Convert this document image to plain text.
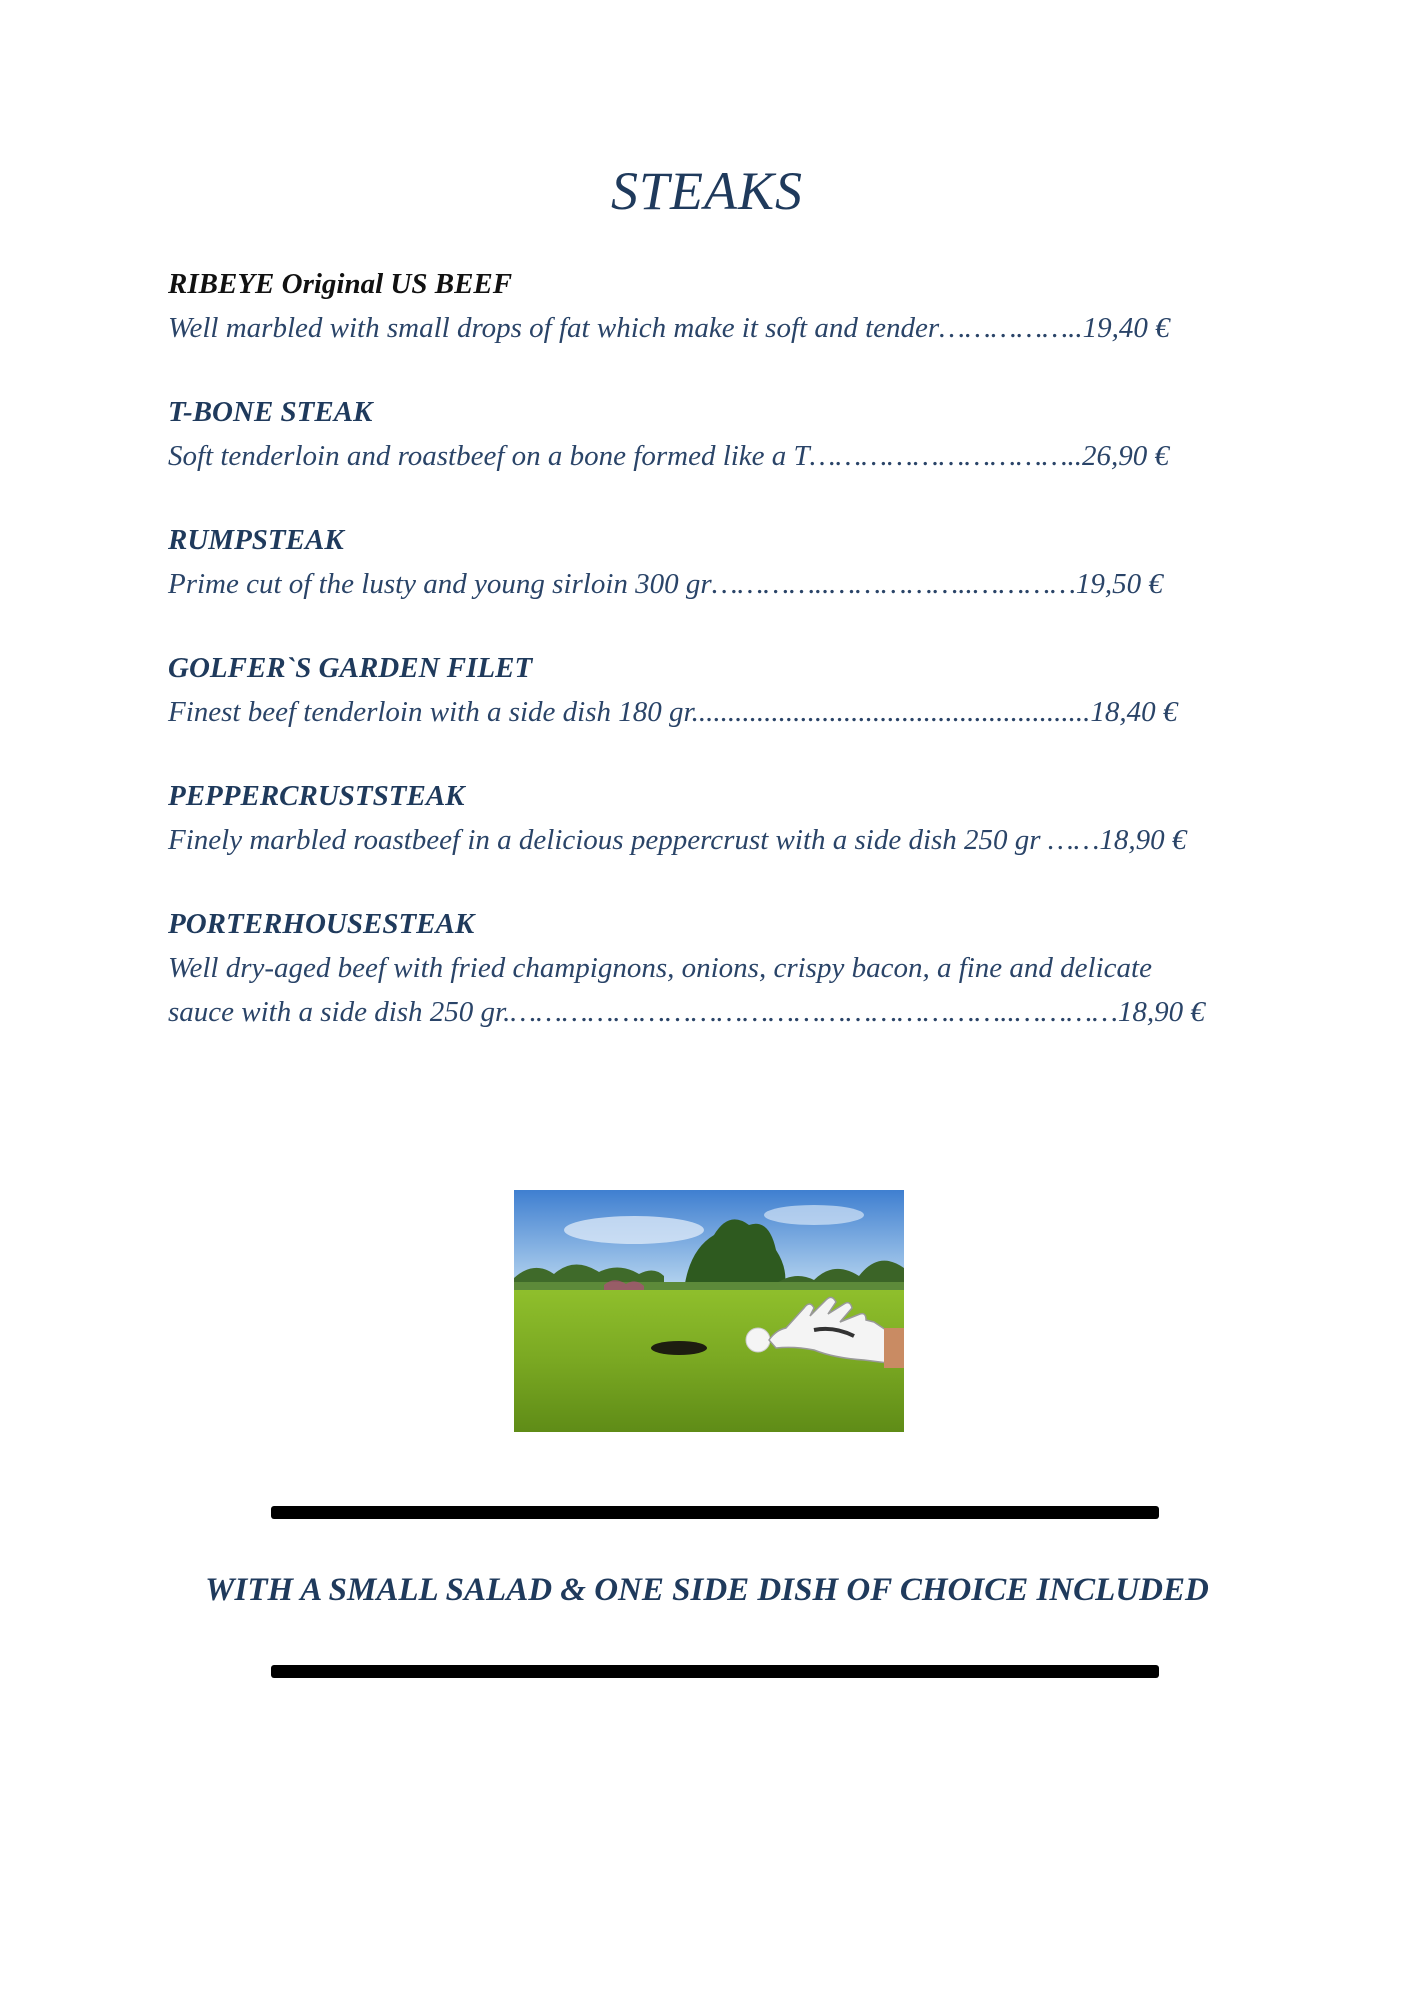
STEAKS
RIBEYE Original US BEEF
Well marbled with small drops of fat which make it soft and tender……………..19,40 €
T-BONE STEAK
Soft tenderloin and roastbeef on a bone formed like a T…………………………..26,90 €
RUMPSTEAK
Prime cut of the lusty and young sirloin 300 gr…………..……………..…………19,50 €
GOLFER`S GARDEN FILET
Finest beef tenderloin with a side dish 180 gr.......................................................18,40 €
PEPPERCRUSTSTEAK
Finely marbled roastbeef in a delicious peppercrust with a side dish 250 gr ……18,90 €
PORTERHOUSESTEAK
Well dry-aged beef with fried champignons, onions, crispy bacon, a fine and delicate
sauce with a side dish 250 gr.…………………………………………………..…………18,90 €
WITH A SMALL SALAD & ONE SIDE DISH OF CHOICE INCLUDED
